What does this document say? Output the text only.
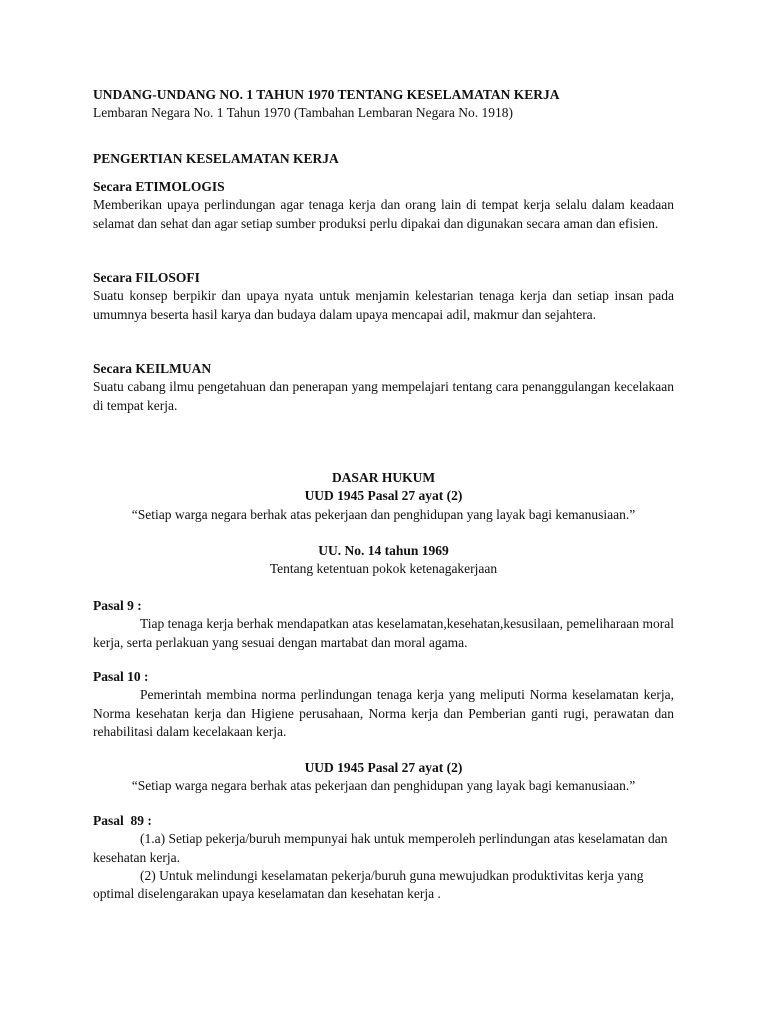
UNDANG-UNDANG NO. 1 TAHUN 1970 TENTANG KESELAMATAN KERJA

Lembaran Negara No. 1 Tahun 1970 (Tambahan Lembaran Negara No. 1918)

PENGERTIAN KESELAMATAN KERJA

Secara ETIMOLOGIS

Memberikan upaya perlindungan agar tenaga kerja dan orang lain di tempat kerja selalu dalam keadaan selamat dan sehat dan agar setiap sumber produksi perlu dipakai dan digunakan secara aman dan efisien.

Secara FILOSOFI

Suatu konsep berpikir dan upaya nyata untuk menjamin kelestarian tenaga kerja dan setiap insan pada umumnya beserta hasil karya dan budaya dalam upaya mencapai adil, makmur dan sejahtera.

Secara KEILMUAN

Suatu cabang ilmu pengetahuan dan penerapan yang mempelajari tentang cara penanggulangan kecelakaan di tempat kerja.

DASAR HUKUM

UUD 1945 Pasal 27 ayat (2)

“Setiap warga negara berhak atas pekerjaan dan penghidupan yang layak bagi kemanusiaan.”

UU. No. 14 tahun 1969

Tentang ketentuan pokok ketenagakerjaan

Pasal 9 :

Tiap tenaga kerja berhak mendapatkan atas keselamatan,kesehatan,kesusilaan, pemeliharaan moral kerja, serta perlakuan yang sesuai dengan martabat dan moral agama.

Pasal 10 :

Pemerintah membina norma perlindungan tenaga kerja yang meliputi Norma keselamatan kerja, Norma kesehatan kerja dan Higiene perusahaan, Norma kerja dan Pemberian ganti rugi, perawatan dan rehabilitasi dalam kecelakaan kerja.

UUD 1945 Pasal 27 ayat (2)

“Setiap warga negara berhak atas pekerjaan dan penghidupan yang layak bagi kemanusiaan.”

Pasal  89 :

(1.a) Setiap pekerja/buruh mempunyai hak untuk memperoleh perlindungan atas keselamatan dan kesehatan kerja.

(2) Untuk melindungi keselamatan pekerja/buruh guna mewujudkan produktivitas kerja yang optimal diselengarakan upaya keselamatan dan kesehatan kerja .
